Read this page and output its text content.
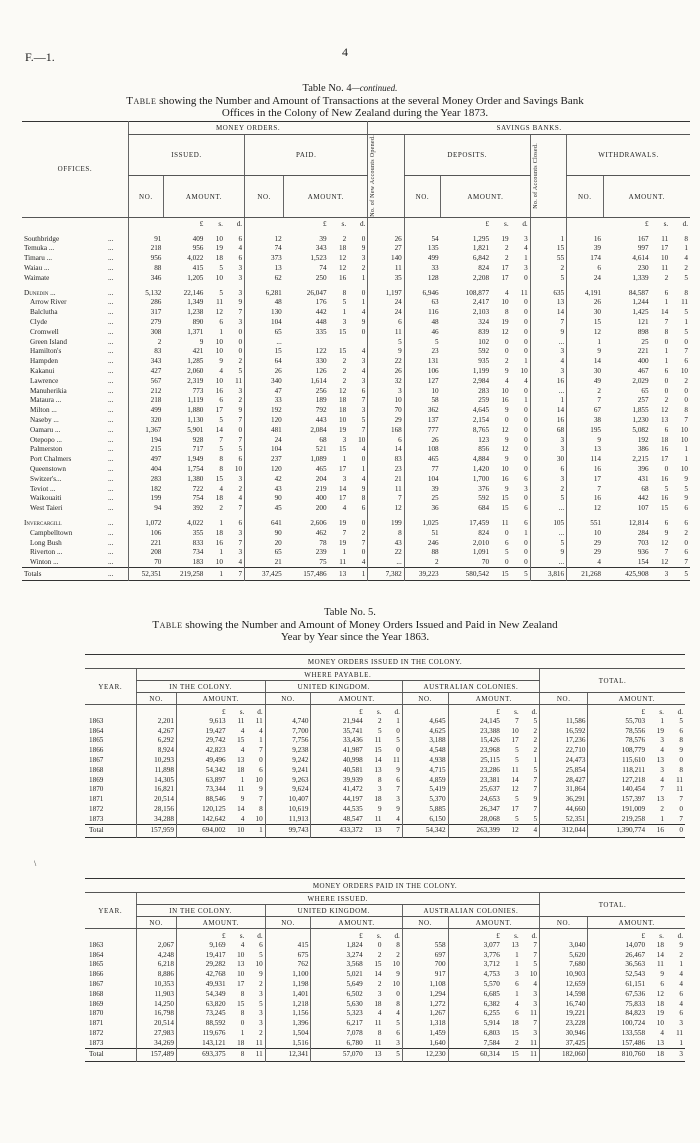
F.—1.	4
Table No. 4—continued.
Table showing the Number and Amount of Transactions at the several Money Order and Savings Bank
Offices in the Colony of New Zealand during the Year 1873.
OFFICES.		MONEY ORDERS.								SAVINGS BANKS.									
		ISSUED.				PAID.				No. of New Accounts Opened.	DEPOSITS.				No. of Accounts Closed.	WITHDRAWALS.			
		NO.	AMOUNT.			NO.	AMOUNT.				NO.	AMOUNT.				NO.	AMOUNT.		
			£	s.	d.		£	s.	d.			£	s.	d.			£	s.	d.

Southbridge	...	91	409	10	6	12	39	2	0	26	54	1,295	19	3	1	16	167	11	8
Temuka ...	...	218	956	19	4	74	343	18	9	27	135	1,821	2	4	15	39	997	17	1
Timaru ...	...	956	4,022	18	6	373	1,523	12	3	140	499	6,842	2	1	55	174	4,614	10	4
Waiau ...	...	88	415	5	3	13	74	12	2	11	33	824	17	3	2	6	230	11	2
Waimate	...	346	1,205	10	3	62	250	16	1	35	128	2,208	17	0	5	24	1,339	2	5

Dunedin ...	...	5,132	22,146	5	3	6,281	26,047	8	0	1,197	6,946	108,877	4	11	635	4,191	84,587	6	8
Arrow River	...	286	1,349	11	9	48	176	5	1	24	63	2,417	10	0	13	26	1,244	1	11
Balclutha	...	317	1,238	12	7	130	442	1	4	24	116	2,103	8	0	14	30	1,425	14	5
Clyde	...	279	890	6	3	104	448	3	9	6	48	324	19	0	7	15	121	7	1
Cromwell	...	308	1,371	1	0	65	335	15	0	11	46	839	12	0	9	12	898	8	5
Green Island	...	2	9	10	0	...				5	5	102	0	0	...	1	25	0	0
Hamilton's	...	83	421	10	0	15	122	15	4	9	23	592	0	0	3	9	221	1	7
Hampden	...	343	1,285	9	2	64	330	2	3	22	131	935	2	1	4	14	400	1	6
Kakanui	...	427	2,060	4	5	26	126	2	4	26	106	1,199	9	10	3	30	467	6	10
Lawrence	...	567	2,319	10	11	340	1,614	2	3	32	127	2,984	4	4	16	49	2,029	0	2
Manuherikia	...	212	773	16	3	47	256	12	6	3	10	283	10	0	...	2	65	0	0
Mataura ...	...	218	1,119	6	2	33	189	18	7	10	58	259	16	1	1	7	257	2	0
Milton ...	...	499	1,880	17	9	192	792	18	3	70	362	4,645	9	0	14	67	1,855	12	8
Naseby ...	...	320	1,130	5	7	120	443	10	5	29	137	2,154	0	0	16	38	1,230	13	7
Oamaru ...	...	1,367	5,901	14	0	481	2,084	19	7	168	777	8,765	12	0	68	195	5,082	6	10
Otepopo ...	...	194	928	7	7	24	68	3	10	6	26	123	9	0	3	9	192	18	10
Palmerston	...	215	717	5	5	104	521	15	4	14	108	856	12	0	3	13	386	16	1
Port Chalmers	...	497	1,949	8	6	237	1,089	1	0	83	465	4,884	9	0	30	114	2,215	17	1
Queenstown	...	404	1,754	8	10	120	465	17	1	23	77	1,420	10	0	6	16	396	0	10
Switzer's...	...	283	1,380	15	3	42	204	3	4	21	104	1,700	16	6	3	17	431	16	9
Teviot ...	...	182	722	4	2	43	219	14	9	11	39	376	9	3	2	7	68	5	5
Waikouaiti	...	199	754	18	4	90	400	17	8	7	25	592	15	0	5	16	442	16	9
West Taieri	...	94	392	2	7	45	200	4	6	12	36	684	15	6	...	12	107	15	6

Invercargill	...	1,072	4,022	1	6	641	2,606	19	0	199	1,025	17,459	11	6	105	551	12,814	6	6
Campbelltown	...	106	355	18	3	90	462	7	2	8	51	824	0	1	...	10	284	9	2
Long Bush	...	221	833	16	7	20	78	19	7	43	246	2,010	6	0	5	29	703	12	0
Riverton ...	...	208	734	1	3	65	239	1	0	22	88	1,091	5	0	9	29	936	7	6
Winton ...	...	70	183	10	4	21	75	11	4	...	2	70	0	0	...	4	154	12	7
Totals	...	52,351	219,258	1	7	37,425	157,486	13	1	7,382	39,223	580,542	15	5	3,816	21,268	425,908	3	5
Table No. 5.
Table showing the Number and Amount of Money Orders Issued and Paid in New Zealand
Year by Year since the Year 1863.
MONEY ORDERS ISSUED IN THE COLONY.																
YEAR.	WHERE PAYABLE.												TOTAL.			
	IN THE COLONY.				UNITED KINGDOM.				AUSTRALIAN COLONIES.							
	NO.	AMOUNT.			NO.	AMOUNT.			NO.	AMOUNT.			NO.	AMOUNT.		
		£	s.	d.		£	s.	d.		£	s.	d.		£	s.	d.
1863	2,201	9,613	11	11	4,740	21,944	2	1	4,645	24,145	7	5	11,586	55,703	1	5
1864	4,267	19,427	4	4	7,700	35,741	5	0	4,625	23,388	10	2	16,592	78,556	19	6
1865	6,292	29,742	15	1	7,756	33,436	11	5	3,188	15,426	17	2	17,236	78,576	3	8
1866	8,924	42,823	4	7	9,238	41,987	15	0	4,548	23,968	5	2	22,710	108,779	4	9
1867	10,293	49,496	13	0	9,242	40,998	14	11	4,938	25,115	5	1	24,473	115,610	13	0
1868	11,898	54,342	18	6	9,241	40,581	13	9	4,715	23,286	11	5	25,854	118,211	3	8
1869	14,305	63,897	1	10	9,263	39,939	8	6	4,859	23,381	14	7	28,427	127,218	4	11
1870	16,821	73,344	11	9	9,624	41,472	3	7	5,419	25,637	12	7	31,864	140,454	7	11
1871	20,514	88,546	9	7	10,407	44,197	18	3	5,370	24,653	5	9	36,291	157,397	13	7
1872	28,156	120,125	14	8	10,619	44,535	9	9	5,885	26,347	17	7	44,660	191,009	2	0
1873	34,288	142,642	4	10	11,913	48,547	11	4	6,150	28,068	5	5	52,351	219,258	1	7
Total	157,959	694,002	10	1	99,743	433,372	13	7	54,342	263,399	12	4	312,044	1,390,774	16	0
\
MONEY ORDERS PAID IN THE COLONY.																
YEAR.	WHERE ISSUED.												TOTAL.			
	IN THE COLONY.				UNITED KINGDOM.				AUSTRALIAN COLONIES.							
	NO.	AMOUNT.			NO.	AMOUNT.			NO.	AMOUNT.			NO.	AMOUNT.		
		£	s.	d.		£	s.	d.		£	s.	d.		£	s.	d.
1863	2,067	9,169	4	6	415	1,824	0	8	558	3,077	13	7	3,040	14,070	18	9
1864	4,248	19,417	10	5	675	3,274	2	2	697	3,776	1	7	5,620	26,467	14	2
1865	6,218	29,282	13	10	762	3,568	15	10	700	3,712	1	5	7,680	36,563	11	1
1866	8,886	42,768	10	9	1,100	5,021	14	9	917	4,753	3	10	10,903	52,543	9	4
1867	10,353	49,931	17	2	1,198	5,649	2	10	1,108	5,570	6	4	12,659	61,151	6	4
1868	11,903	54,349	8	3	1,401	6,502	3	0	1,294	6,685	1	3	14,598	67,536	12	6
1869	14,250	63,820	15	5	1,218	5,630	18	8	1,272	6,382	4	3	16,740	75,833	18	4
1870	16,798	73,245	8	3	1,156	5,323	4	4	1,267	6,255	6	11	19,221	84,823	19	6
1871	20,514	88,592	0	3	1,396	6,217	11	5	1,318	5,914	18	7	23,228	100,724	10	3
1872	27,983	119,676	1	2	1,504	7,078	8	6	1,459	6,803	15	3	30,946	133,558	4	11
1873	34,269	143,121	18	11	1,516	6,780	11	3	1,640	7,584	2	11	37,425	157,486	13	1
Total	157,489	693,375	8	11	12,341	57,070	13	5	12,230	60,314	15	11	182,060	810,760	18	3
